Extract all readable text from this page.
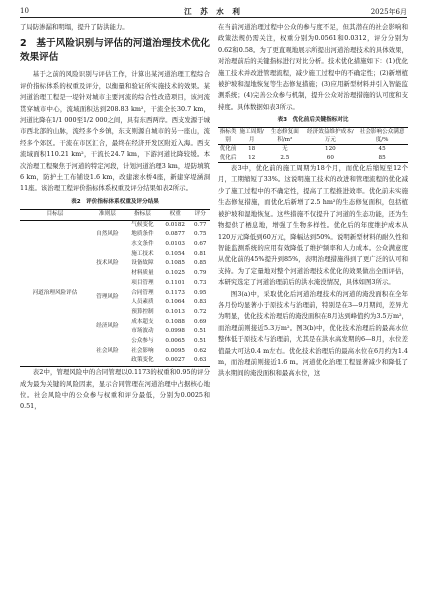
10	江 苏 水 利	2025年6月

了局防渗漏和明塌，提升了防洪能力。

2　基于风险识别与评估的河道治理技术优化效果评估

基于之前的风险识别与评估工作，计算出某河道治理工程综合评价指标体系的权重及评分，以衡量和验证所实施技术的效果。某河道治理工程是一堤针对城市主要河流的综合性改造项目，该河流贯穿城市中心，流域面积达到208.83 km²，干流全长30.7 km，河道比降在1/1 000至1/2 000之间，具有东西两岸。西支发源于城市西北部的山脉，流经多个乡镇，东支则源自城市的另一座山，流经多个郊区。干流在市区汇合，最终在经济开发区附近入海。西支流域面积110.21 km²，干流长24.7 km，下游河道比降较缓。本次治理工程聚焦于河道的特定河段，计划河道治理3 km，堤防填筑6 km，防护土工布铺设1.6 km，改建滚水桥4座，新建穿堤涵洞11座。该治理工程评价指标体系权重及评分结果如表2所示。

表2　评价指标体系权重及评分结果
目标层	准则层	指标层	权重	评分
河道治理风险评估	自然风险	气候变化	0.0182	0.77
		地质条件	0.0877	0.75
		水文条件	0.0103	0.67
	技术风险	施工技术	0.1054	0.81
		设备故障	0.1085	0.85
		材料质量	0.1025	0.79
	管理风险	项目管理	0.1101	0.73
		合同管理	0.1173	0.95
		人员素质	0.1064	0.83
		预算控制	0.1013	0.72
	经济风险	成本超支	0.1088	0.69
		市场波动	0.0998	0.51
	社会风险	公众参与	0.0065	0.51
		社会影响	0.0095	0.62
		政策变化	0.0027	0.63

表2中，管理风险中的合同管理以0.1173的权重和0.95的评分成为最为关键的风险因素，显示合同管理在河道治理中占据核心地位。社会风险中的公众参与权重和评分最低，分别为0.0025和0.51，

在当前河道治理过程中公众的参与度不足，但其潜在的社会影响和政策法规仍需关注，权重分别为0.0561和0.0312，评分分别为0.62和0.58。为了更直观地展示所提出河道治理技术的具体效果，对治理前后的关键指标进行对比分析。技术优化措施如下：(1)优化施工技术并改进管理流程，减少施工过程中的不确定性；(2)新增植被护坡和湿地恢复等生态修复措施；(3)应用新型材料并引入智能监测系统；(4)完善公众参与机制，提升公众对治理措施的认可度和支持度。具体数据如表3所示。

表3　优化前后关键指标对比
指标类别	施工周期/月	生态修复面积/m²	经济效益维护成本/万元	社会影响公众满意度/%
优化前	18	无	120	45
优化后	12	2.5	60	85

表3中，优化前的施工周期为18个月，而优化后缩短至12个月，工期缩短了33%。这说明施工技术的改进和管理流程的优化减少了施工过程中的不确定性，提高了工程推进效率。优化前未实施生态修复措施，而优化后新增了2.5 hm²的生态修复面积，包括植被护坡和湿地恢复。这些措施不仅提升了河道的生态功能，还为生物提供了栖息地，增强了生物多样性。优化后的年度维护成本从120万元降低到60万元，降幅达到50%。说明新型材料的耐久性和智能监测系统的应用有效降低了维护频率和人力成本。公众满意度从优化前的45%提升到85%，表明治理措施得到了更广泛的认可和支持。为了定量地对整个河道治理技术优化的效果做出全面评估，本研究选定了河道治理前后的洪水淹没情况，具体如图3所示。

图3(a)中，采取优化后河道治理技术的河道的淹没面积在全年各月份均显著小于原技术与治理前，特别是在3—9月期间，差异尤为明显，优化技术治理后的淹没面积在8月达到峰值约为3.5万m²，而治理前则接近5.3万m²。图3(b)中，优化技术治理后的最高水位整体低于原技术与治理前，尤其是在洪水高发期的6—8月，水位差值最大可达0.4 m左右。优化技术治理后的最高水位在6月约为1.4 m，而治理前则接近1.6 m。河道优化治理工程显著减少和降低了洪水期间的淹没面积和最高水位，这
